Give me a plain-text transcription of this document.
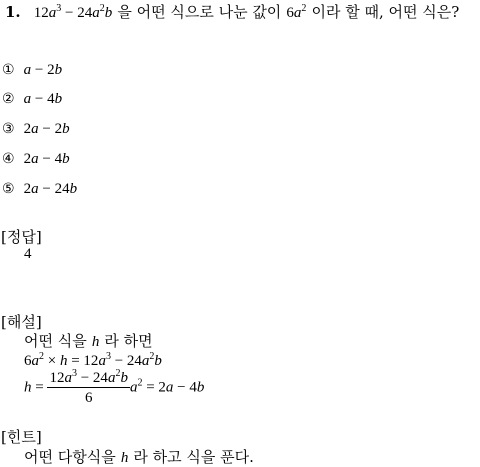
1. $12a^3 - 24a^2b$ 을 어떤 식으로 나눈 값이 $6a^2$ 이라 할 때, 어떤 식은?
① a − 2b
② a − 4b
③ 2a − 2b
④ 2a − 4b
⑤ 2a − 24b
[정답]
4
[해설]
어떤 식을 h 라 하면
$6a^2 \times h = 12a^3 - 24a^2b$
$h = \frac{12a^3 - 24a^2b}{6} a^2 = 2a - 4b$
[힌트]
어떤 다항식을 h 라 하고 식을 푼다.
